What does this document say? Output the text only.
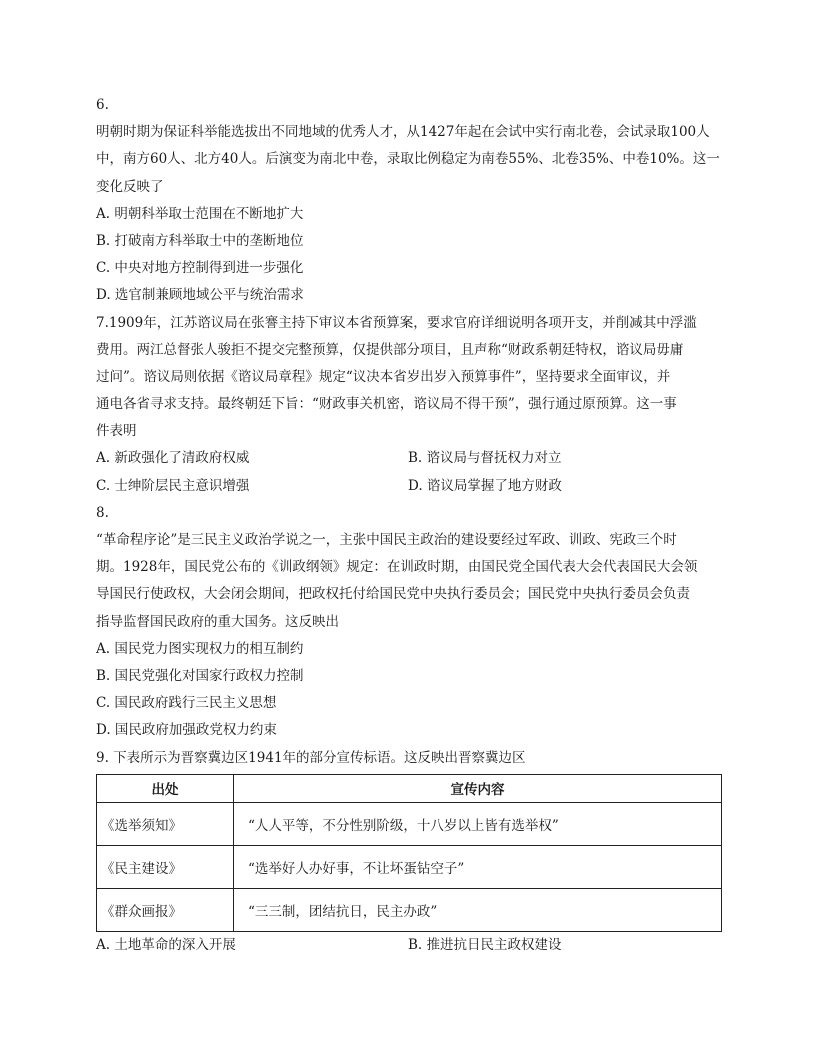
6.
明朝时期为保证科举能选拔出不同地域的优秀人才，从1427年起在会试中实行南北卷，会试录取100人
中，南方60人、北方40人。后演变为南北中卷，录取比例稳定为南卷55%、北卷35%、中卷10%。这一
变化反映了
A. 明朝科举取士范围在不断地扩大
B. 打破南方科举取士中的垄断地位
C. 中央对地方控制得到进一步强化
D. 选官制兼顾地域公平与统治需求
7.1909年，江苏谘议局在张謇主持下审议本省预算案，要求官府详细说明各项开支，并削减其中浮滥
费用。两江总督张人骏拒不提交完整预算，仅提供部分项目，且声称“财政系朝廷特权，谘议局毋庸
过问”。谘议局则依据《谘议局章程》规定“议决本省岁出岁入预算事件”，坚持要求全面审议，并
通电各省寻求支持。最终朝廷下旨：“财政事关机密，谘议局不得干预”，强行通过原预算。这一事
件表明
A. 新政强化了清政府权威	B. 谘议局与督抚权力对立
C. 士绅阶层民主意识增强	D. 谘议局掌握了地方财政
8.
“革命程序论”是三民主义政治学说之一，主张中国民主政治的建设要经过军政、训政、宪政三个时
期。1928年，国民党公布的《训政纲领》规定：在训政时期，由国民党全国代表大会代表国民大会领
导国民行使政权，大会闭会期间，把政权托付给国民党中央执行委员会；国民党中央执行委员会负责
指导监督国民政府的重大国务。这反映出
A. 国民党力图实现权力的相互制约
B. 国民党强化对国家行政权力控制
C. 国民政府践行三民主义思想
D. 国民政府加强政党权力约束
9. 下表所示为晋察冀边区1941年的部分宣传标语。这反映出晋察冀边区
出处	宣传内容
《选举须知》	“人人平等，不分性别阶级，十八岁以上皆有选举权”
《民主建设》	“选举好人办好事，不让坏蛋钻空子”
《群众画报》	“三三制，团结抗日，民主办政”
A. 土地革命的深入开展	B. 推进抗日民主政权建设
